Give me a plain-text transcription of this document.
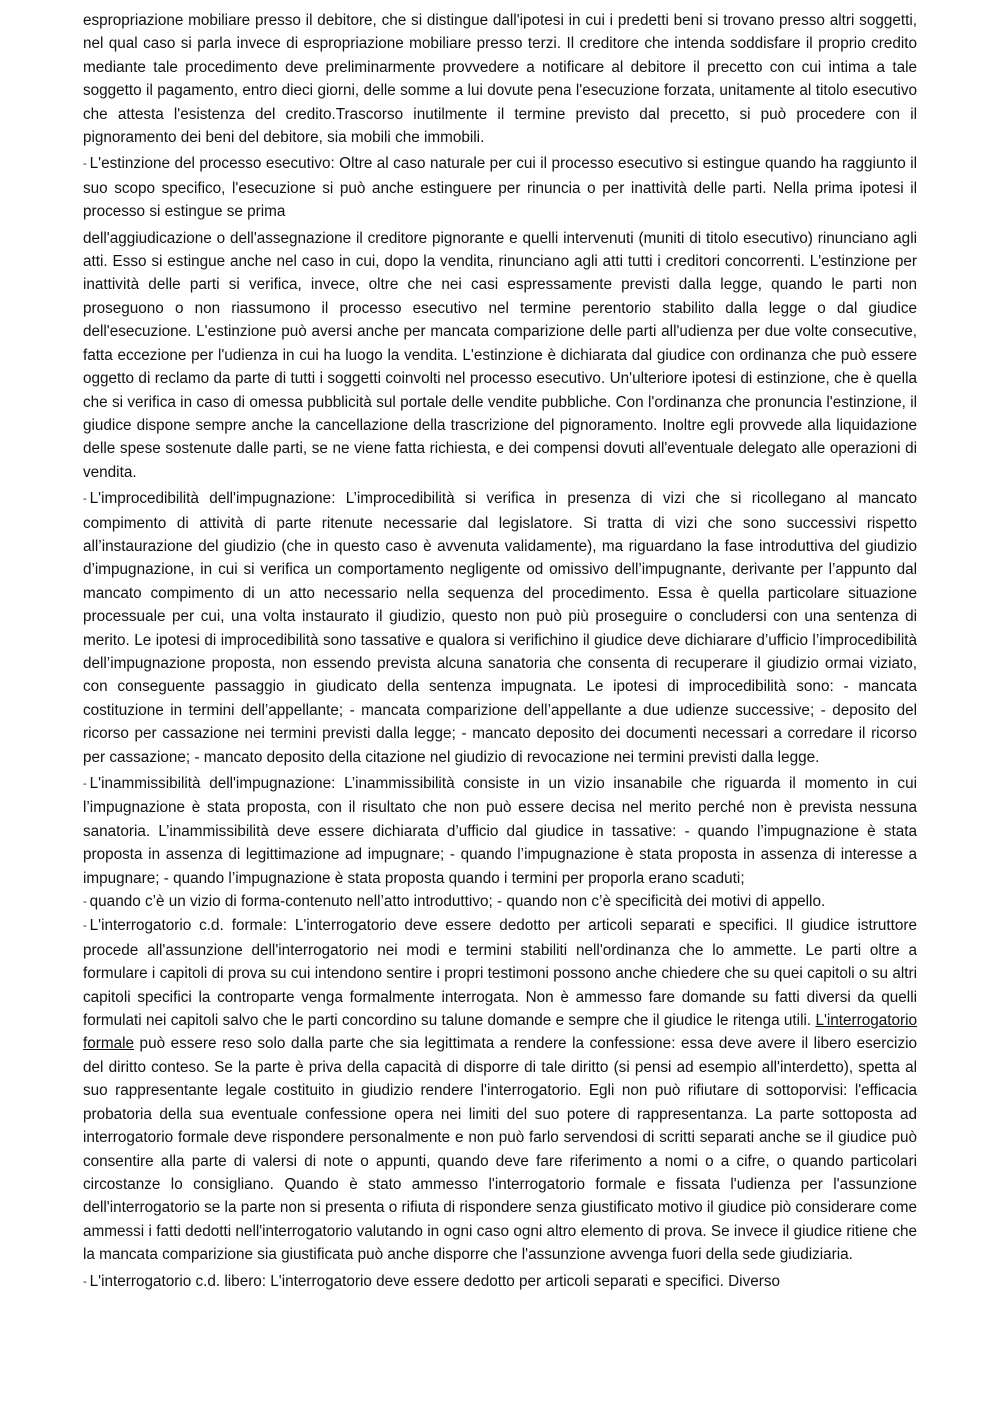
espropriazione mobiliare presso il debitore, che si distingue dall'ipotesi in cui i predetti beni si trovano presso altri soggetti, nel qual caso si parla invece di espropriazione mobiliare presso terzi. Il creditore che intenda soddisfare il proprio credito mediante tale procedimento deve preliminarmente provvedere a notificare al debitore il precetto con cui intima a tale soggetto il pagamento, entro dieci giorni, delle somme a lui dovute pena l'esecuzione forzata, unitamente al titolo esecutivo che attesta l'esistenza del credito.Trascorso inutilmente il termine previsto dal precetto, si può procedere con il pignoramento dei beni del debitore, sia mobili che immobili.

- L'estinzione del processo esecutivo: Oltre al caso naturale per cui il processo esecutivo si estingue quando ha raggiunto il suo scopo specifico, l'esecuzione si può anche estinguere per rinuncia o per inattività delle parti. Nella prima ipotesi il processo si estingue se prima

dell'aggiudicazione o dell'assegnazione il creditore pignorante e quelli intervenuti (muniti di titolo esecutivo) rinunciano agli atti. Esso si estingue anche nel caso in cui, dopo la vendita, rinunciano agli atti tutti i creditori concorrenti. L'estinzione per inattività delle parti si verifica, invece, oltre che nei casi espressamente previsti dalla legge, quando le parti non proseguono o non riassumono il processo esecutivo nel termine perentorio stabilito dalla legge o dal giudice dell'esecuzione. L'estinzione può aversi anche per mancata comparizione delle parti all'udienza per due volte consecutive, fatta eccezione per l'udienza in cui ha luogo la vendita. L'estinzione è dichiarata dal giudice con ordinanza che può essere oggetto di reclamo da parte di tutti i soggetti coinvolti nel processo esecutivo. Un'ulteriore ipotesi di estinzione, che è quella che si verifica in caso di omessa pubblicità sul portale delle vendite pubbliche. Con l'ordinanza che pronuncia l'estinzione, il giudice dispone sempre anche la cancellazione della trascrizione del pignoramento. Inoltre egli provvede alla liquidazione delle spese sostenute dalle parti, se ne viene fatta richiesta, e dei compensi dovuti all'eventuale delegato alle operazioni di vendita.

- L'improcedibilità dell'impugnazione: L’improcedibilità si verifica in presenza di vizi che si ricollegano al mancato compimento di attività di parte ritenute necessarie dal legislatore. Si tratta di vizi che sono successivi rispetto all’instaurazione del giudizio (che in questo caso è avvenuta validamente), ma riguardano la fase introduttiva del giudizio d’impugnazione, in cui si verifica un comportamento negligente od omissivo dell’impugnante, derivante per l’appunto dal mancato compimento di un atto necessario nella sequenza del procedimento. Essa è quella particolare situazione processuale per cui, una volta instaurato il giudizio, questo non può più proseguire o concludersi con una sentenza di merito. Le ipotesi di improcedibilità sono tassative e qualora si verifichino il giudice deve dichiarare d’ufficio l’improcedibilità dell’impugnazione proposta, non essendo prevista alcuna sanatoria che consenta di recuperare il giudizio ormai viziato, con conseguente passaggio in giudicato della sentenza impugnata. Le ipotesi di improcedibilità sono: - mancata costituzione in termini dell’appellante; - mancata comparizione dell’appellante a due udienze successive; - deposito del ricorso per cassazione nei termini previsti dalla legge; - mancato deposito dei documenti necessari a corredare il ricorso per cassazione; - mancato deposito della citazione nel giudizio di revocazione nei termini previsti dalla legge.

- L'inammissibilità dell'impugnazione: L’inammissibilità consiste in un vizio insanabile che riguarda il momento in cui l’impugnazione è stata proposta, con il risultato che non può essere decisa nel merito perché non è prevista nessuna sanatoria. L’inammissibilità deve essere dichiarata d’ufficio dal giudice in tassative: - quando l’impugnazione è stata proposta in assenza di legittimazione ad impugnare; - quando l’impugnazione è stata proposta in assenza di interesse a impugnare; - quando l’impugnazione è stata proposta quando i termini per proporla erano scaduti;

- quando c’è un vizio di forma-contenuto nell’atto introduttivo; - quando non c’è specificità dei motivi di appello.

- L'interrogatorio c.d. formale: L'interrogatorio deve essere dedotto per articoli separati e specifici. Il giudice istruttore procede all'assunzione dell'interrogatorio nei modi e termini stabiliti nell'ordinanza che lo ammette. Le parti oltre a formulare i capitoli di prova su cui intendono sentire i propri testimoni possono anche chiedere che su quei capitoli o su altri capitoli specifici la controparte venga formalmente interrogata. Non è ammesso fare domande su fatti diversi da quelli formulati nei capitoli salvo che le parti concordino su talune domande e sempre che il giudice le ritenga utili. L'interrogatorio formale può essere reso solo dalla parte che sia legittimata a rendere la confessione: essa deve avere il libero esercizio del diritto conteso. Se la parte è priva della capacità di disporre di tale diritto (si pensi ad esempio all'interdetto), spetta al suo rappresentante legale costituito in giudizio rendere l'interrogatorio. Egli non può rifiutare di sottoporvisi: l'efficacia probatoria della sua eventuale confessione opera nei limiti del suo potere di rappresentanza. La parte sottoposta ad interrogatorio formale deve rispondere personalmente e non può farlo servendosi di scritti separati anche se il giudice può consentire alla parte di valersi di note o appunti, quando deve fare riferimento a nomi o a cifre, o quando particolari circostanze lo consigliano. Quando è stato ammesso l'interrogatorio formale e fissata l'udienza per l'assunzione dell'interrogatorio se la parte non si presenta o rifiuta di rispondere senza giustificato motivo il giudice piò considerare come ammessi i fatti dedotti nell'interrogatorio valutando in ogni caso ogni altro elemento di prova. Se invece il giudice ritiene che la mancata comparizione sia giustificata può anche disporre che l'assunzione avvenga fuori della sede giudiziaria.

- L'interrogatorio c.d. libero: L'interrogatorio deve essere dedotto per articoli separati e specifici. Diverso
